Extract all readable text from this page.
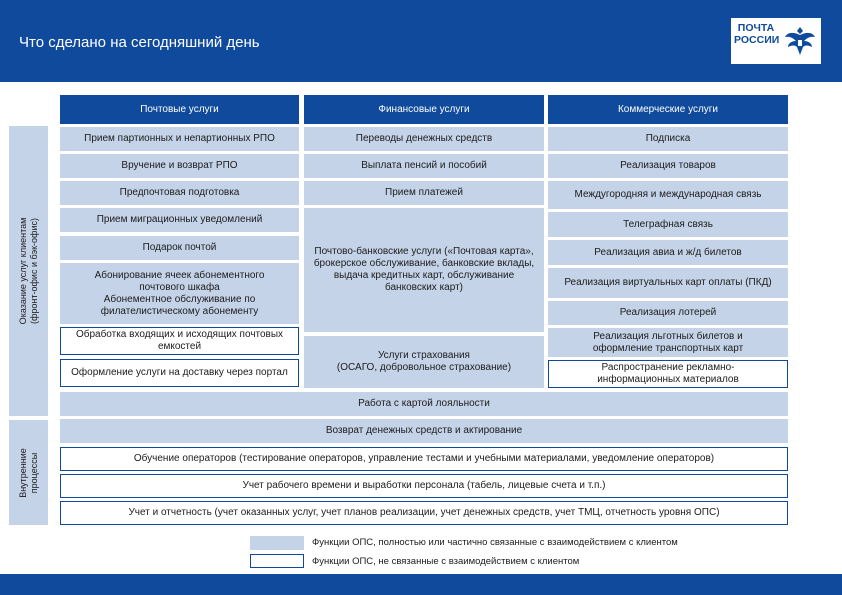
Что сделано на сегодняшний день
ПОЧТА РОССИИ
Оказание услуг клиентам
(фронт-офис и бэк-офис)
Внутренние
процессы
Почтовые услуги	Финансовые услуги	Коммерческие услуги
Прием партионных и непартионных РПО
Вручение и возврат РПО
Предпочтовая подготовка
Прием миграционных уведомлений
Подарок почтой
Абонирование ячеек абонементного почтового шкафа
Абонементное обслуживание по филателистическому абонементу
Обработка входящих и исходящих почтовых емкостей
Оформление услуги на доставку через портал
Переводы денежных средств
Выплата пенсий и пособий
Прием платежей
Почтово-банковские услуги («Почтовая карта», брокерское обслуживание, банковские вклады, выдача кредитных карт, обслуживание банковских карт)
Услуги страхования
(ОСАГО, добровольное страхование)
Подписка
Реализация товаров
Междугородняя и международная связь
Телеграфная связь
Реализация авиа и ж/д билетов
Реализация виртуальных карт оплаты (ПКД)
Реализация лотерей
Реализация льготных билетов и оформление транспортных карт
Распространение рекламно-информационных материалов
Работа с картой лояльности
Возврат денежных средств и актирование
Обучение операторов (тестирование операторов, управление тестами и учебными материалами, уведомление операторов)
Учет рабочего времени и выработки персонала (табель, лицевые счета и т.п.)
Учет и отчетность (учет оказанных услуг, учет планов реализации, учет денежных средств, учет ТМЦ, отчетность уровня ОПС)
Функции ОПС, полностью или частично связанные с взаимодействием с клиентом
Функции ОПС, не связанные с взаимодействием с клиентом
